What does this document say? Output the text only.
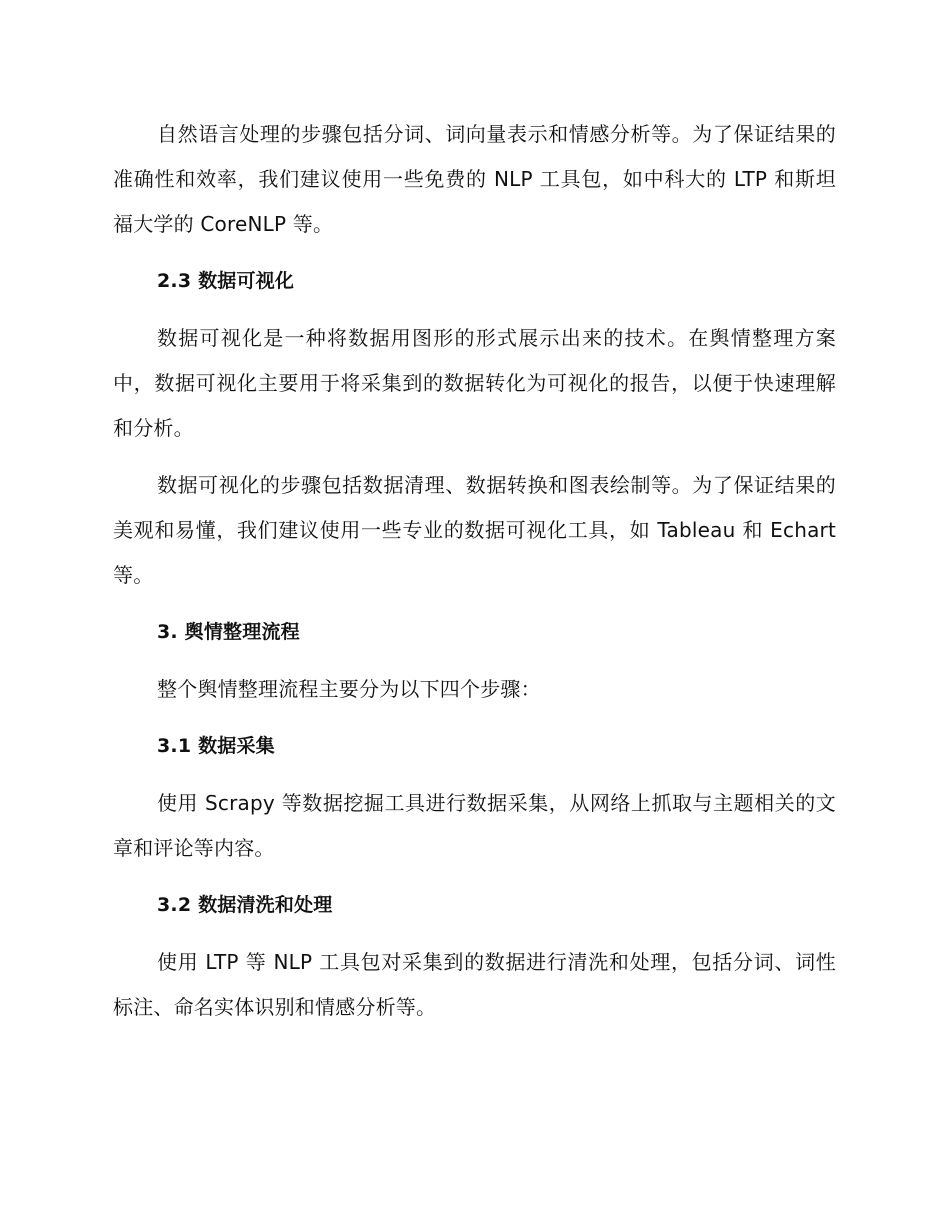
自然语言处理的步骤包括分词、词向量表示和情感分析等。为了保证结果的准确性和效率，我们建议使用一些免费的 NLP 工具包，如中科大的 LTP 和斯坦福大学的 CoreNLP 等。

2.3 数据可视化

数据可视化是一种将数据用图形的形式展示出来的技术。在舆情整理方案中，数据可视化主要用于将采集到的数据转化为可视化的报告，以便于快速理解和分析。

数据可视化的步骤包括数据清理、数据转换和图表绘制等。为了保证结果的美观和易懂，我们建议使用一些专业的数据可视化工具，如 Tableau 和 Echart 等。

3. 舆情整理流程

整个舆情整理流程主要分为以下四个步骤：

3.1 数据采集

使用 Scrapy 等数据挖掘工具进行数据采集，从网络上抓取与主题相关的文章和评论等内容。

3.2 数据清洗和处理

使用 LTP 等 NLP 工具包对采集到的数据进行清洗和处理，包括分词、词性标注、命名实体识别和情感分析等。
